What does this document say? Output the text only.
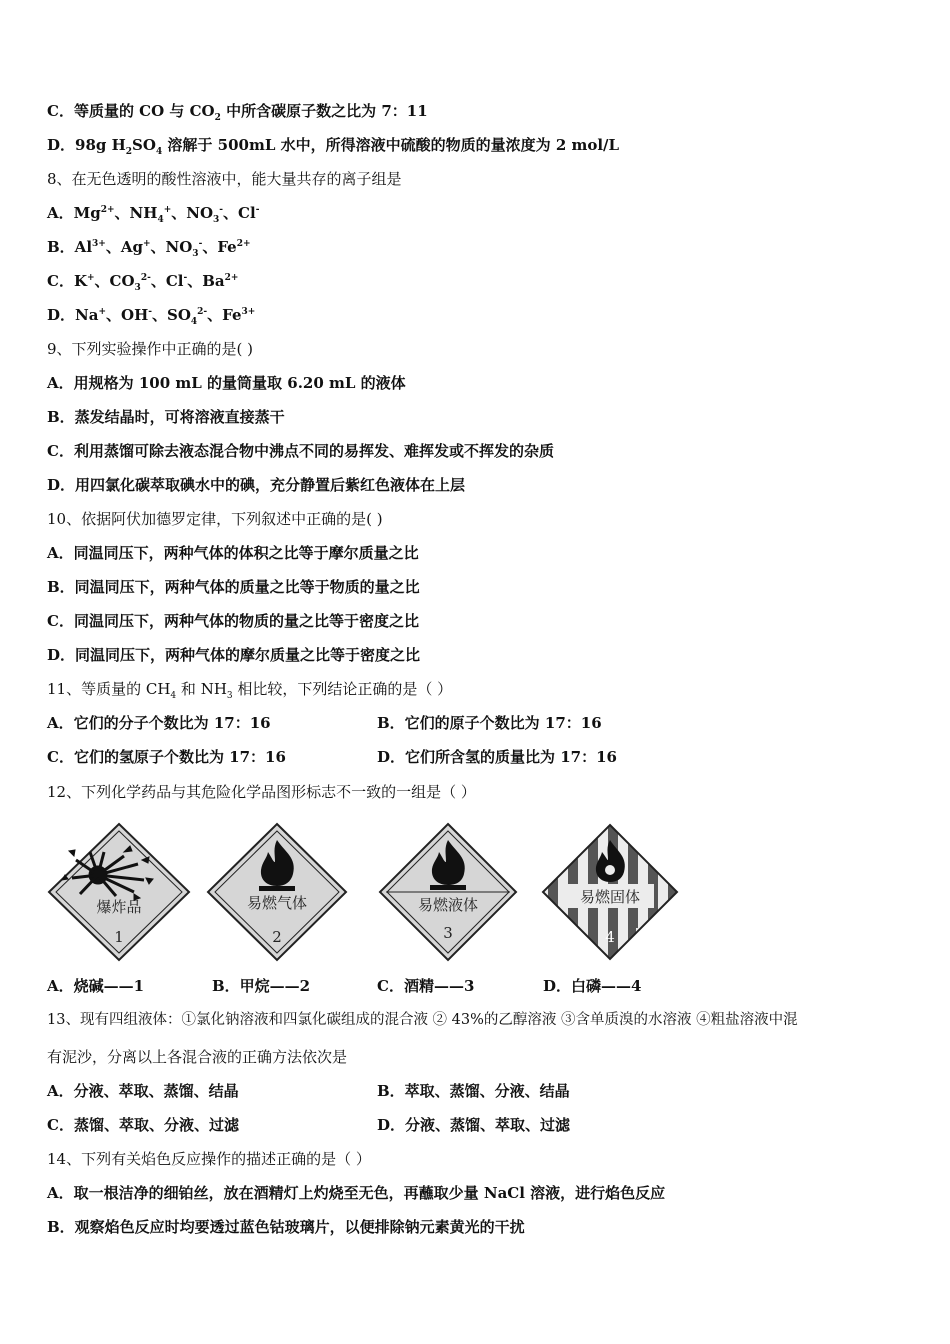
C．等质量的 CO 与 $CO_2$ 中所含碳原子数之比为 7：11
D．98g $H_2SO_4$ 溶解于 500mL 水中，所得溶液中硫酸的物质的量浓度为 2 mol/L
8、在无色透明的酸性溶液中，能大量共存的离子组是
A．$Mg^{2+}$、$NH_4^+$、$NO_3^-$、Cl-
B．$Al^{3+}$、Ag+、$NO_3^-$、$Fe^{2+}$
C．K+、$CO_3^{2-}$、Cl-、$Ba^{2+}$
D．Na+、OH-、$SO_4^{2-}$、$Fe^{3+}$
9、下列实验操作中正确的是( )
A．用规格为 100 mL 的量筒量取 6.20 mL 的液体
B．蒸发结晶时，可将溶液直接蒸干
C．利用蒸馏可除去液态混合物中沸点不同的易挥发、难挥发或不挥发的杂质
D．用四氯化碳萃取碘水中的碘，充分静置后紫红色液体在上层
10、依据阿伏加德罗定律，下列叙述中正确的是( )
A．同温同压下，两种气体的体积之比等于摩尔质量之比
B．同温同压下，两种气体的质量之比等于物质的量之比
C．同温同压下，两种气体的物质的量之比等于密度之比
D．同温同压下，两种气体的摩尔质量之比等于密度之比
11、等质量的 $CH_4$ 和 $NH_3$ 相比较，下列结论正确的是（ ）
A．它们的分子个数比为 17：16	B．它们的原子个数比为 17：16
C．它们的氢原子个数比为 17：16	D．它们所含氢的质量比为 17：16
12、下列化学药品与其危险化学品图形标志不一致的一组是（ ）
爆炸品
1
易燃气体
2
易燃液体
3
易燃固体
4
A．烧碱——1	B．甲烷——2	C．酒精——3	D．白磷——4
13、现有四组液体：①氯化钠溶液和四氯化碳组成的混合液 ② 43%的乙醇溶液 ③含单质溴的水溶液 ④粗盐溶液中混
有泥沙，分离以上各混合液的正确方法依次是
A．分液、萃取、蒸馏、结晶	B．萃取、蒸馏、分液、结晶
C．蒸馏、萃取、分液、过滤	D．分液、蒸馏、萃取、过滤
14、下列有关焰色反应操作的描述正确的是（ ）
A．取一根洁净的细铂丝，放在酒精灯上灼烧至无色，再蘸取少量 NaCl 溶液，进行焰色反应
B．观察焰色反应时均要透过蓝色钴玻璃片，以便排除钠元素黄光的干扰
